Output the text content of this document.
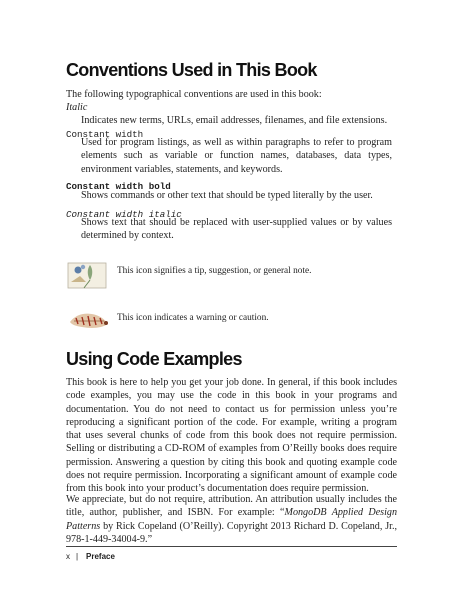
Conventions Used in This Book

The following typographical conventions are used in this book:

Italic

Indicates new terms, URLs, email addresses, filenames, and file extensions.

Constant width

Used for program listings, as well as within paragraphs to refer to program elements such as variable or function names, databases, data types, environment variables, statements, and keywords.

Constant width bold

Shows commands or other text that should be typed literally by the user.

Constant width italic

Shows text that should be replaced with user-supplied values or by values determined by context.

This icon signifies a tip, suggestion, or general note.

This icon indicates a warning or caution.

Using Code Examples

This book is here to help you get your job done. In general, if this book includes code examples, you may use the code in this book in your programs and documentation. You do not need to contact us for permission unless you’re reproducing a significant portion of the code. For example, writing a program that uses several chunks of code from this book does not require permission. Selling or distributing a CD-ROM of examples from O’Reilly books does require permission. Answering a question by citing this book and quoting example code does not require permission. Incorporating a significant amount of example code from this book into your product’s documentation does require permission.

We appreciate, but do not require, attribution. An attribution usually includes the title, author, publisher, and ISBN. For example: “MongoDB Applied Design Patterns by Rick Copeland (O’Reilly). Copyright 2013 Richard D. Copeland, Jr., 978-1-449-34004-9.”

x | Preface
